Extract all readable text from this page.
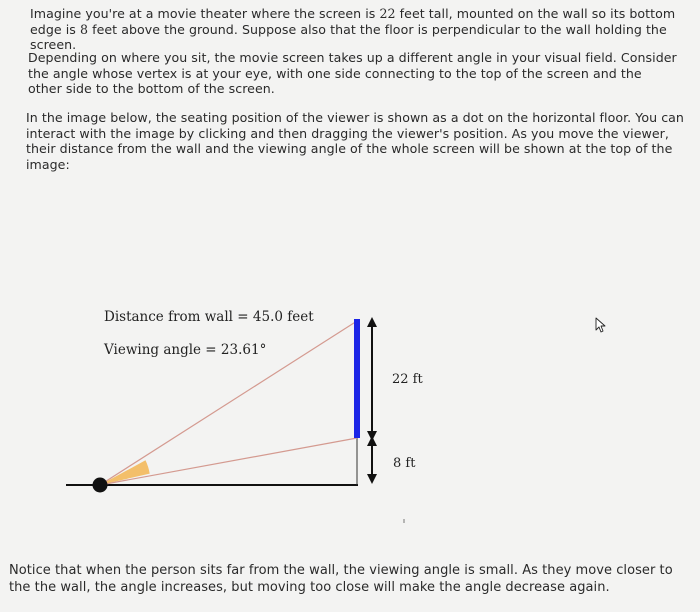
Imagine you're at a movie theater where the screen is 22 feet tall, mounted on the wall so its bottom edge is 8 feet above the ground. Suppose also that the floor is perpendicular to the wall holding the screen.

Depending on where you sit, the movie screen takes up a different angle in your visual field. Consider the angle whose vertex is at your eye, with one side connecting to the top of the screen and the other side to the bottom of the screen.

In the image below, the seating position of the viewer is shown as a dot on the horizontal floor. You can interact with the image by clicking and then dragging the viewer's position. As you move the viewer, their distance from the wall and the viewing angle of the whole screen will be shown at the top of the image:

22 ft
8 ft
Distance from wall = 45.0 feet
Viewing angle = 23.61°

Notice that when the person sits far from the wall, the viewing angle is small. As they move closer to the the wall, the angle increases, but moving too close will make the angle decrease again.
